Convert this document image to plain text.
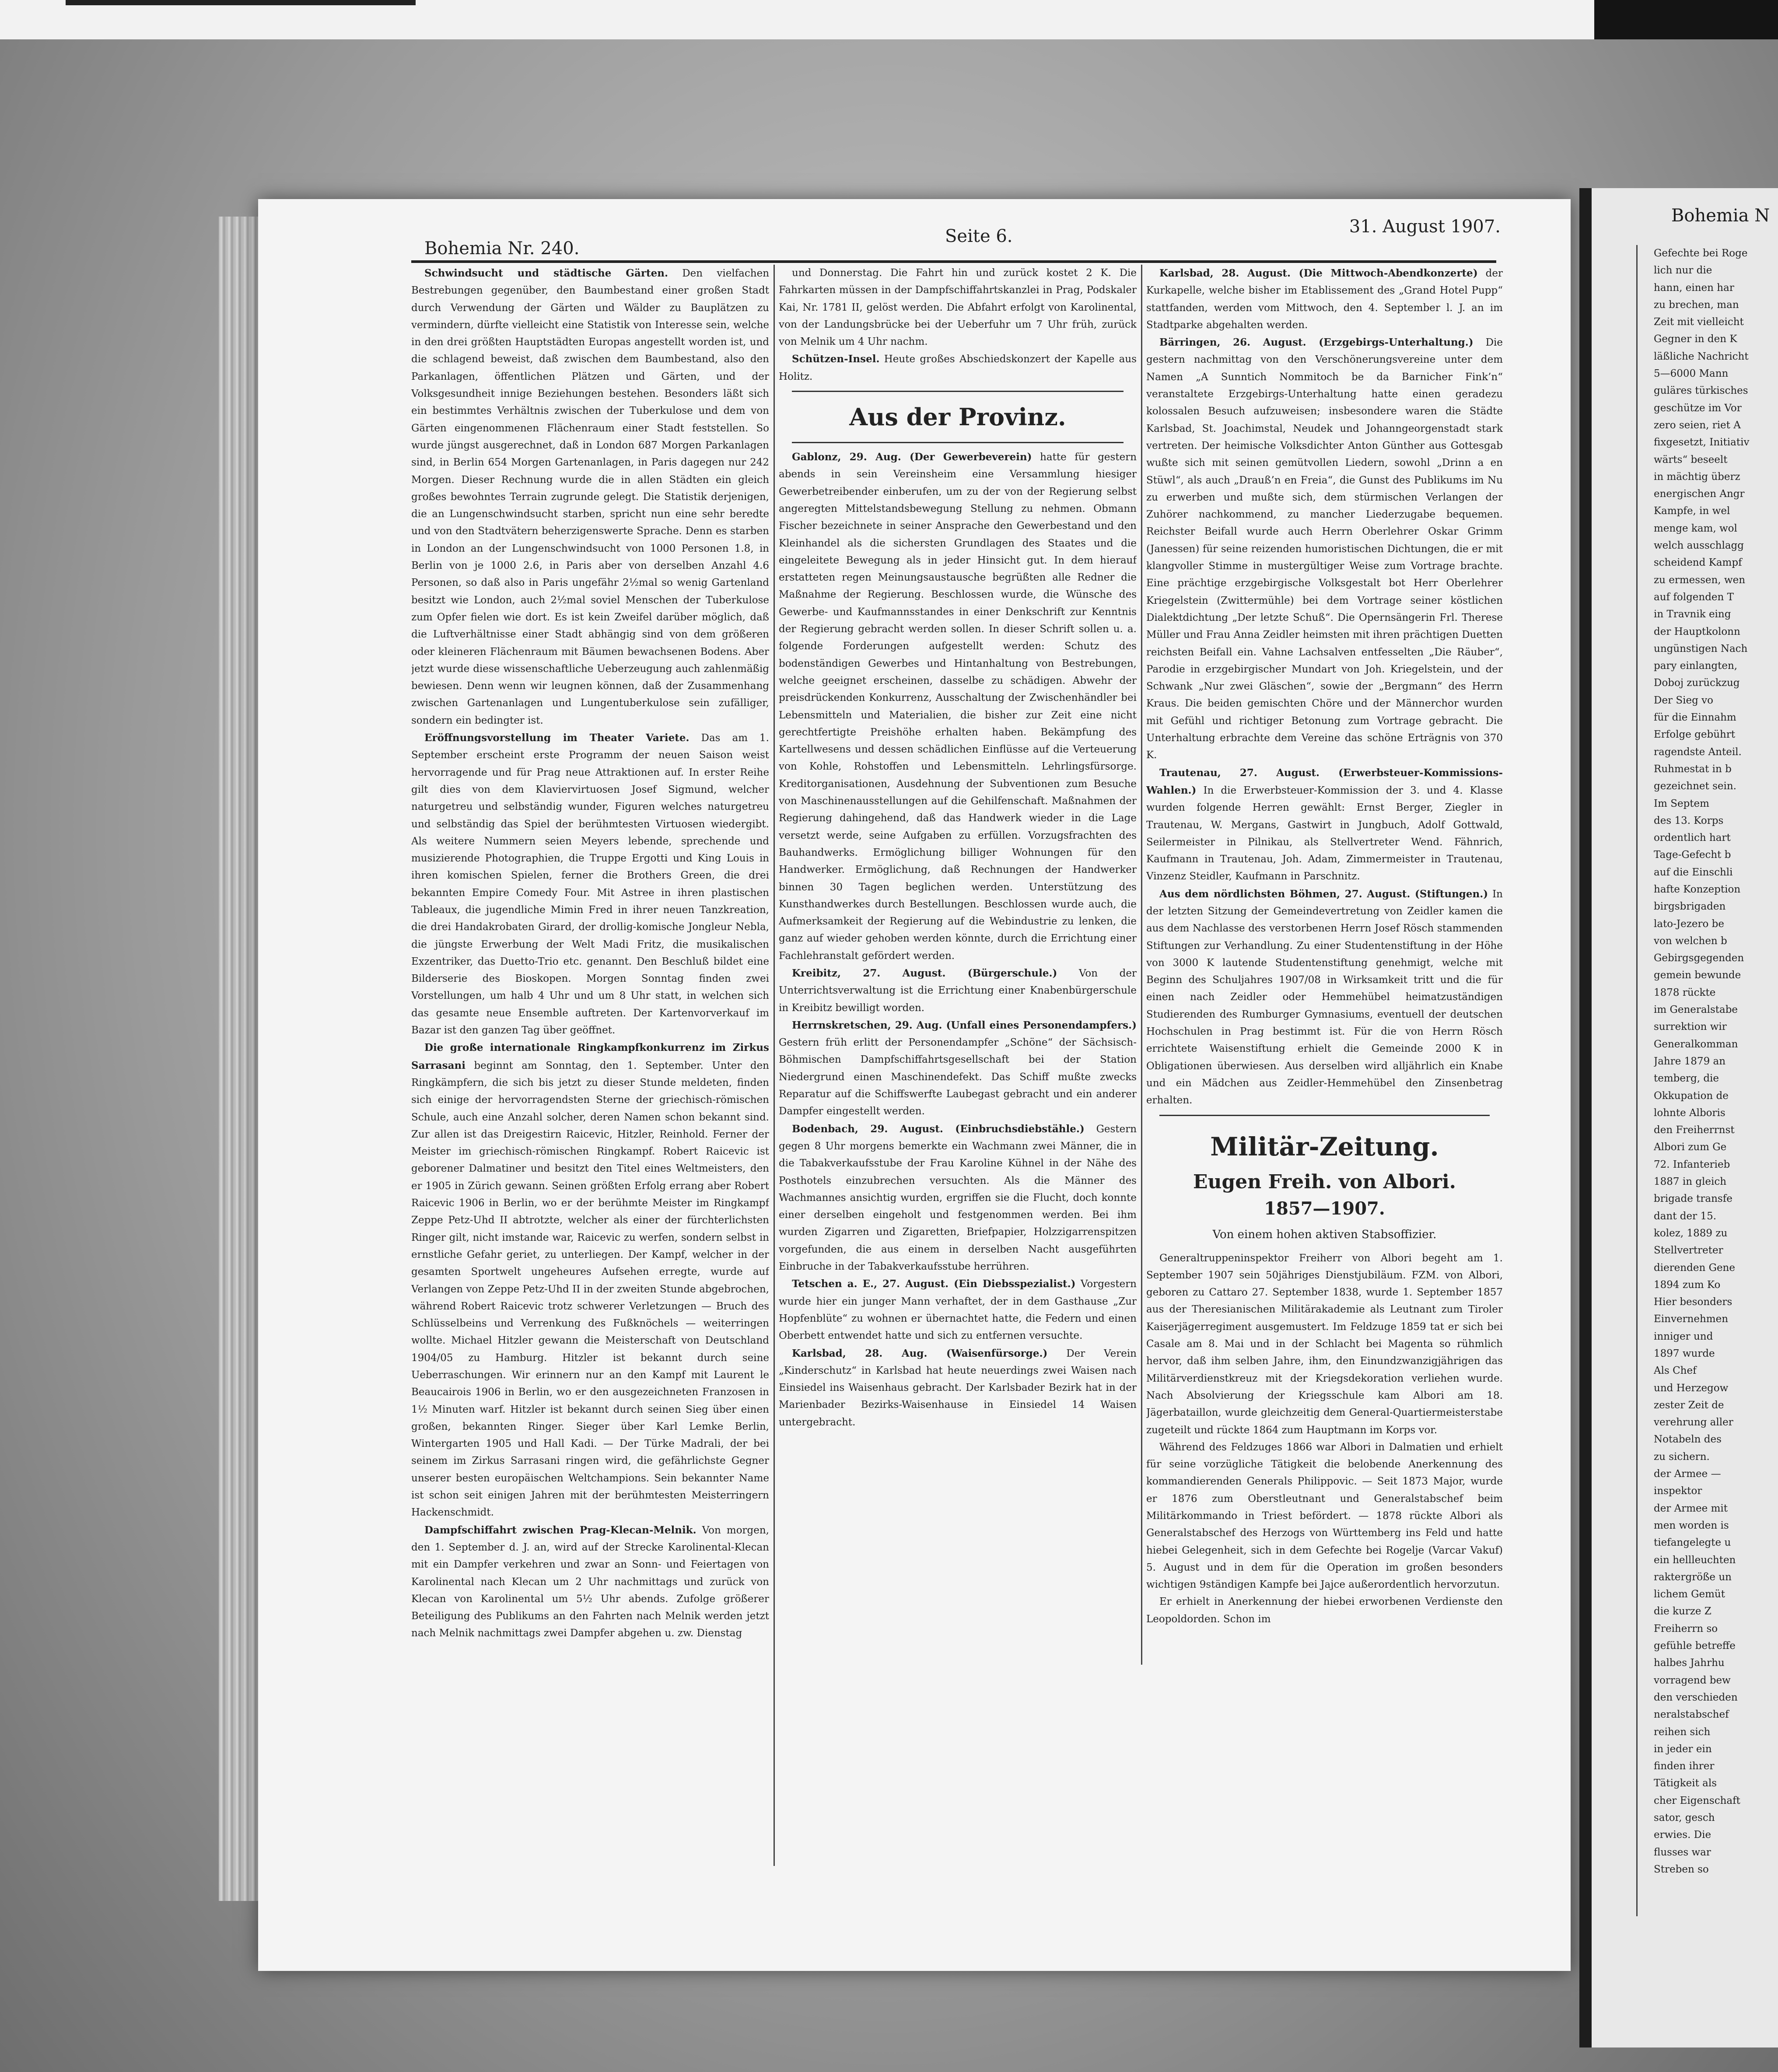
Bohemia Nr. 240.
Seite 6.	31. August 1907.

Schwindsucht und städtische Gärten. Den vielfachen Bestrebungen gegenüber, den Baumbestand einer großen Stadt durch Verwendung der Gärten und Wälder zu Bauplätzen zu vermindern, dürfte vielleicht eine Statistik von Interesse sein, welche in den drei größten Hauptstädten Europas angestellt worden ist, und die schlagend beweist, daß zwischen dem Baumbestand, also den Parkanlagen, öffentlichen Plätzen und Gärten, und der Volksgesundheit innige Beziehungen bestehen. Besonders läßt sich ein bestimmtes Verhältnis zwischen der Tuberkulose und dem von Gärten eingenommenen Flächenraum einer Stadt feststellen. So wurde jüngst ausgerechnet, daß in London 687 Morgen Parkanlagen sind, in Berlin 654 Morgen Gartenanlagen, in Paris dagegen nur 242 Morgen. Dieser Rechnung wurde die in allen Städten ein gleich großes bewohntes Terrain zugrunde gelegt. Die Statistik derjenigen, die an Lungenschwindsucht starben, spricht nun eine sehr beredte und von den Stadtvätern beherzigenswerte Sprache. Denn es starben in London an der Lungenschwindsucht von 1000 Personen 1.8, in Berlin von je 1000 2.6, in Paris aber von derselben Anzahl 4.6 Personen, so daß also in Paris ungefähr 2½mal so wenig Gartenland besitzt wie London, auch 2½mal soviel Menschen der Tuberkulose zum Opfer fielen wie dort. Es ist kein Zweifel darüber möglich, daß die Luftverhältnisse einer Stadt abhängig sind von dem größeren oder kleineren Flächenraum mit Bäumen bewachsenen Bodens. Aber jetzt wurde diese wissenschaftliche Ueberzeugung auch zahlenmäßig bewiesen. Denn wenn wir leugnen können, daß der Zusammenhang zwischen Gartenanlagen und Lungentuberkulose sein zufälliger, sondern ein bedingter ist.

Eröffnungsvorstellung im Theater Variete. Das am 1. September erscheint erste Programm der neuen Saison weist hervorragende und für Prag neue Attraktionen auf. In erster Reihe gilt dies von dem Klaviervirtuosen Josef Sigmund, welcher naturgetreu und selbständig wunder, Figuren welches naturgetreu und selbständig das Spiel der berühmtesten Virtuosen wiedergibt. Als weitere Nummern seien Meyers lebende, sprechende und musizierende Photographien, die Truppe Ergotti und King Louis in ihren komischen Spielen, ferner die Brothers Green, die drei bekannten Empire Comedy Four. Mit Astree in ihren plastischen Tableaux, die jugendliche Mimin Fred in ihrer neuen Tanzkreation, die drei Handakrobaten Girard, der drollig-komische Jongleur Nebla, die jüngste Erwerbung der Welt Madi Fritz, die musikalischen Exzentriker, das Duetto-Trio etc. genannt. Den Beschluß bildet eine Bilderserie des Bioskopen. Morgen Sonntag finden zwei Vorstellungen, um halb 4 Uhr und um 8 Uhr statt, in welchen sich das gesamte neue Ensemble auftreten. Der Kartenvorverkauf im Bazar ist den ganzen Tag über geöffnet.

Die große internationale Ringkampfkonkurrenz im Zirkus Sarrasani beginnt am Sonntag, den 1. September. Unter den Ringkämpfern, die sich bis jetzt zu dieser Stunde meldeten, finden sich einige der hervorragendsten Sterne der griechisch-römischen Schule, auch eine Anzahl solcher, deren Namen schon bekannt sind. Zur allen ist das Dreigestirn Raicevic, Hitzler, Reinhold. Ferner der Meister im griechisch-römischen Ringkampf. Robert Raicevic ist geborener Dalmatiner und besitzt den Titel eines Weltmeisters, den er 1905 in Zürich gewann. Seinen größten Erfolg errang aber Robert Raicevic 1906 in Berlin, wo er der berühmte Meister im Ringkampf Zeppe Petz-Uhd II abtrotzte, welcher als einer der fürchterlichsten Ringer gilt, nicht imstande war, Raicevic zu werfen, sondern selbst in ernstliche Gefahr geriet, zu unterliegen. Der Kampf, welcher in der gesamten Sportwelt ungeheures Aufsehen erregte, wurde auf Verlangen von Zeppe Petz-Uhd II in der zweiten Stunde abgebrochen, während Robert Raicevic trotz schwerer Verletzungen — Bruch des Schlüsselbeins und Verrenkung des Fußknöchels — weiterringen wollte. Michael Hitzler gewann die Meisterschaft von Deutschland 1904/05 zu Hamburg. Hitzler ist bekannt durch seine Ueberraschungen. Wir erinnern nur an den Kampf mit Laurent le Beaucairois 1906 in Berlin, wo er den ausgezeichneten Franzosen in 1½ Minuten warf. Hitzler ist bekannt durch seinen Sieg über einen großen, bekannten Ringer. Sieger über Karl Lemke Berlin, Wintergarten 1905 und Hall Kadi. — Der Türke Madrali, der bei seinem im Zirkus Sarrasani ringen wird, die gefährlichste Gegner unserer besten europäischen Weltchampions. Sein bekannter Name ist schon seit einigen Jahren mit der berühmtesten Meisterringern Hackenschmidt.

Dampfschiffahrt zwischen Prag-Klecan-Melnik. Von morgen, den 1. September d. J. an, wird auf der Strecke Karolinental-Klecan mit ein Dampfer verkehren und zwar an Sonn- und Feiertagen von Karolinental nach Klecan um 2 Uhr nachmittags und zurück von Klecan von Karolinental um 5½ Uhr abends. Zufolge größerer Beteiligung des Publikums an den Fahrten nach Melnik werden jetzt nach Melnik nachmittags zwei Dampfer abgehen u. zw. Dienstag

und Donnerstag. Die Fahrt hin und zurück kostet 2 K. Die Fahrkarten müssen in der Dampfschiffahrtskanzlei in Prag, Podskaler Kai, Nr. 1781 II, gelöst werden. Die Abfahrt erfolgt von Karolinental, von der Landungsbrücke bei der Ueberfuhr um 7 Uhr früh, zurück von Melnik um 4 Uhr nachm.

Schützen-Insel. Heute großes Abschiedskonzert der Kapelle aus Holitz.

Aus der Provinz.

Gablonz, 29. Aug. (Der Gewerbeverein) hatte für gestern abends in sein Vereinsheim eine Versammlung hiesiger Gewerbetreibender einberufen, um zu der von der Regierung selbst angeregten Mittelstandsbewegung Stellung zu nehmen. Obmann Fischer bezeichnete in seiner Ansprache den Gewerbestand und den Kleinhandel als die sichersten Grundlagen des Staates und die eingeleitete Bewegung als in jeder Hinsicht gut. In dem hierauf erstatteten regen Meinungsaustausche begrüßten alle Redner die Maßnahme der Regierung. Beschlossen wurde, die Wünsche des Gewerbe- und Kaufmannsstandes in einer Denkschrift zur Kenntnis der Regierung gebracht werden sollen. In dieser Schrift sollen u. a. folgende Forderungen aufgestellt werden: Schutz des bodenständigen Gewerbes und Hintanhaltung von Bestrebungen, welche geeignet erscheinen, dasselbe zu schädigen. Abwehr der preisdrückenden Konkurrenz, Ausschaltung der Zwischenhändler bei Lebensmitteln und Materialien, die bisher zur Zeit eine nicht gerechtfertigte Preishöhe erhalten haben. Bekämpfung des Kartellwesens und dessen schädlichen Einflüsse auf die Verteuerung von Kohle, Rohstoffen und Lebensmitteln. Lehrlingsfürsorge. Kreditorganisationen, Ausdehnung der Subventionen zum Besuche von Maschinenausstellungen auf die Gehilfenschaft. Maßnahmen der Regierung dahingehend, daß das Handwerk wieder in die Lage versetzt werde, seine Aufgaben zu erfüllen. Vorzugsfrachten des Bauhandwerks. Ermöglichung billiger Wohnungen für den Handwerker. Ermöglichung, daß Rechnungen der Handwerker binnen 30 Tagen beglichen werden. Unterstützung des Kunsthandwerkes durch Bestellungen. Beschlossen wurde auch, die Aufmerksamkeit der Regierung auf die Webindustrie zu lenken, die ganz auf wieder gehoben werden könnte, durch die Errichtung einer Fachlehranstalt gefördert werden.

Kreibitz, 27. August. (Bürgerschule.) Von der Unterrichtsverwaltung ist die Errichtung einer Knabenbürgerschule in Kreibitz bewilligt worden.

Herrnskretschen, 29. Aug. (Unfall eines Personendampfers.) Gestern früh erlitt der Personendampfer „Schöne“ der Sächsisch-Böhmischen Dampfschiffahrtsgesellschaft bei der Station Niedergrund einen Maschinendefekt. Das Schiff mußte zwecks Reparatur auf die Schiffswerfte Laubegast gebracht und ein anderer Dampfer eingestellt werden.

Bodenbach, 29. August. (Einbruchsdiebstähle.) Gestern gegen 8 Uhr morgens bemerkte ein Wachmann zwei Männer, die in die Tabakverkaufsstube der Frau Karoline Kühnel in der Nähe des Posthotels einzubrechen versuchten. Als die Männer des Wachmannes ansichtig wurden, ergriffen sie die Flucht, doch konnte einer derselben eingeholt und festgenommen werden. Bei ihm wurden Zigarren und Zigaretten, Briefpapier, Holzzigarrenspitzen vorgefunden, die aus einem in derselben Nacht ausgeführten Einbruche in der Tabakverkaufsstube herrühren.

Tetschen a. E., 27. August. (Ein Diebsspezialist.) Vorgestern wurde hier ein junger Mann verhaftet, der in dem Gasthause „Zur Hopfenblüte“ zu wohnen er übernachtet hatte, die Federn und einen Oberbett entwendet hatte und sich zu entfernen versuchte.

Karlsbad, 28. Aug. (Waisenfürsorge.) Der Verein „Kinderschutz“ in Karlsbad hat heute neuerdings zwei Waisen nach Einsiedel ins Waisenhaus gebracht. Der Karlsbader Bezirk hat in der Marienbader Bezirks-Waisenhause in Einsiedel 14 Waisen untergebracht.

Karlsbad, 28. August. (Die Mittwoch-Abendkonzerte) der Kurkapelle, welche bisher im Etablissement des „Grand Hotel Pupp“ stattfanden, werden vom Mittwoch, den 4. September l. J. an im Stadtparke abgehalten werden.

Bärringen, 26. August. (Erzgebirgs-Unterhaltung.) Die gestern nachmittag von den Verschönerungsvereine unter dem Namen „A Sunntich Nommitoch be da Barnicher Fink’n“ veranstaltete Erzgebirgs-Unterhaltung hatte einen geradezu kolossalen Besuch aufzuweisen; insbesondere waren die Städte Karlsbad, St. Joachimstal, Neudek und Johanngeorgenstadt stark vertreten. Der heimische Volksdichter Anton Günther aus Gottesgab wußte sich mit seinen gemütvollen Liedern, sowohl „Drinn a en Stüwl“, als auch „Drauß’n en Freia“, die Gunst des Publikums im Nu zu erwerben und mußte sich, dem stürmischen Verlangen der Zuhörer nachkommend, zu mancher Liederzugabe bequemen. Reichster Beifall wurde auch Herrn Oberlehrer Oskar Grimm (Janessen) für seine reizenden humoristischen Dichtungen, die er mit klangvoller Stimme in mustergültiger Weise zum Vortrage brachte. Eine prächtige erzgebirgische Volksgestalt bot Herr Oberlehrer Kriegelstein (Zwittermühle) bei dem Vortrage seiner köstlichen Dialektdichtung „Der letzte Schuß“. Die Opernsängerin Frl. Therese Müller und Frau Anna Zeidler heimsten mit ihren prächtigen Duetten reichsten Beifall ein. Vahne Lachsalven entfesselten „Die Räuber“, Parodie in erzgebirgischer Mundart von Joh. Kriegelstein, und der Schwank „Nur zwei Gläschen“, sowie der „Bergmann“ des Herrn Kraus. Die beiden gemischten Chöre und der Männerchor wurden mit Gefühl und richtiger Betonung zum Vortrage gebracht. Die Unterhaltung erbrachte dem Vereine das schöne Erträgnis von 370 K.

Trautenau, 27. August. (Erwerbsteuer-Kommissions-Wahlen.) In die Erwerbsteuer-Kommission der 3. und 4. Klasse wurden folgende Herren gewählt: Ernst Berger, Ziegler in Trautenau, W. Mergans, Gastwirt in Jungbuch, Adolf Gottwald, Seilermeister in Pilnikau, als Stellvertreter Wend. Fähnrich, Kaufmann in Trautenau, Joh. Adam, Zimmermeister in Trautenau, Vinzenz Steidler, Kaufmann in Parschnitz.

Aus dem nördlichsten Böhmen, 27. August. (Stiftungen.) In der letzten Sitzung der Gemeindevertretung von Zeidler kamen die aus dem Nachlasse des verstorbenen Herrn Josef Rösch stammenden Stiftungen zur Verhandlung. Zu einer Studentenstiftung in der Höhe von 3000 K lautende Studentenstiftung genehmigt, welche mit Beginn des Schuljahres 1907/08 in Wirksamkeit tritt und die für einen nach Zeidler oder Hemmehübel heimatzuständigen Studierenden des Rumburger Gymnasiums, eventuell der deutschen Hochschulen in Prag bestimmt ist. Für die von Herrn Rösch errichtete Waisenstiftung erhielt die Gemeinde 2000 K in Obligationen überwiesen. Aus derselben wird alljährlich ein Knabe und ein Mädchen aus Zeidler-Hemmehübel den Zinsenbetrag erhalten.

Militär-Zeitung.
Eugen Freih. von Albori.
1857—1907.
Von einem hohen aktiven Stabsoffizier.

Generaltruppeninspektor Freiherr von Albori begeht am 1. September 1907 sein 50jähriges Dienstjubiläum. FZM. von Albori, geboren zu Cattaro 27. September 1838, wurde 1. September 1857 aus der Theresianischen Militärakademie als Leutnant zum Tiroler Kaiserjägerregiment ausgemustert. Im Feldzuge 1859 tat er sich bei Casale am 8. Mai und in der Schlacht bei Magenta so rühmlich hervor, daß ihm selben Jahre, ihm, den Einundzwanzigjährigen das Militärverdienstkreuz mit der Kriegsdekoration verliehen wurde. Nach Absolvierung der Kriegsschule kam Albori am 18. Jägerbataillon, wurde gleichzeitig dem General-Quartiermeisterstabe zugeteilt und rückte 1864 zum Hauptmann im Korps vor.

Während des Feldzuges 1866 war Albori in Dalmatien und erhielt für seine vorzügliche Tätigkeit die belobende Anerkennung des kommandierenden Generals Philippovic. — Seit 1873 Major, wurde er 1876 zum Oberstleutnant und Generalstabschef beim Militärkommando in Triest befördert. — 1878 rückte Albori als Generalstabschef des Herzogs von Württemberg ins Feld und hatte hiebei Gelegenheit, sich in dem Gefechte bei Rogelje (Varcar Vakuf) 5. August und in dem für die Operation im großen besonders wichtigen 9ständigen Kampfe bei Jajce außerordentlich hervorzutun.

Er erhielt in Anerkennung der hiebei erworbenen Verdienste den Leopoldorden. Schon im

Bohemia N

Gefechte bei Roge

lich nur die

hann, einen har

zu brechen, man

Zeit mit vielleicht

Gegner in den K

läßliche Nachricht

5—6000 Mann

guläres türkisches

geschütze im Vor

zero seien, riet A

fixgesetzt, Initiativ

wärts“ beseelt

in mächtig überz

energischen Angr

Kampfe, in wel

menge kam, wol

welch ausschlagg

scheidend Kampf

zu ermessen, wen

auf folgenden T

in Travnik eing

der Hauptkolonn

ungünstigen Nach

pary einlangten,

Doboj zurückzug

Der Sieg vo

für die Einnahm

Erfolge gebührt

ragendste Anteil.

Ruhmestat in b

gezeichnet sein.

Im Septem

des 13. Korps

ordentlich hart

Tage-Gefecht b

auf die Einschli

hafte Konzeption

birgsbrigaden

lato-Jezero be

von welchen b

Gebirgsgegenden

gemein bewunde

1878 rückte

im Generalstabe

surrektion wir

Generalkomman

Jahre 1879 an

temberg, die

Okkupation de

lohnte Alboris

den Freiherrnst

Albori zum Ge

72. Infanterieb

1887 in gleich

brigade transfe

dant der 15.

kolez, 1889 zu

Stellvertreter

dierenden Gene

1894 zum Ko

Hier besonders

Einvernehmen

inniger und

1897 wurde

Als Chef

und Herzegow

zester Zeit de

verehrung aller

Notabeln des

zu sichern.

der Armee —

inspektor

der Armee mit

men worden is

tiefangelegte u

ein hellleuchten

raktergröße un

lichem Gemüt

die kurze Z

Freiherrn so

gefühle betreffe

halbes Jahrhu

vorragend bew

den verschieden

neralstabschef

reihen sich

in jeder ein

finden ihrer

Tätigkeit als

cher Eigenschaft

sator, gesch

erwies. Die

flusses war

Streben so
